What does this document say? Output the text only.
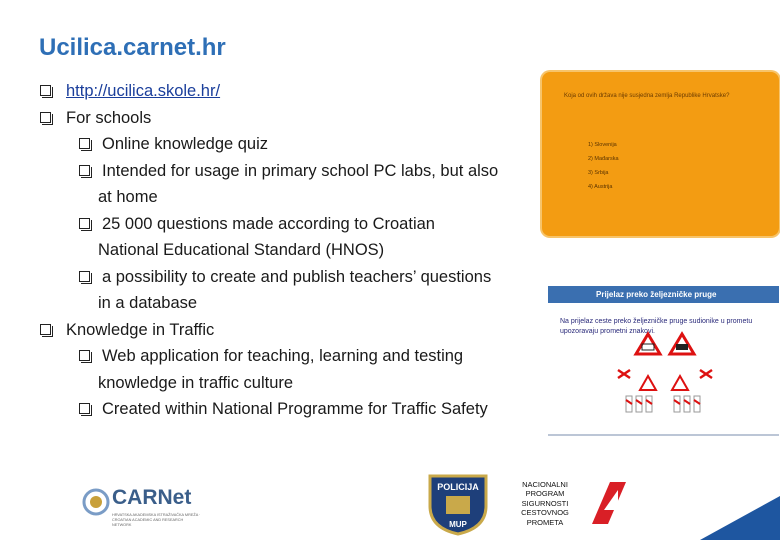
Ucilica.carnet.hr
http://ucilica.skole.hr/
For schools
Online knowledge quiz
Intended for usage in primary school PC labs, but also
at home
25 000 questions made according to Croatian
National Educational Standard (HNOS)
a possibility to create and publish teachers’ questions
in a database
Knowledge in Traffic
Web application for teaching, learning and testing
knowledge in traffic culture
Created within National Programme for Traffic Safety
Koja od ovih država nije susjedna zemlja Republike Hrvatske?
1) Slovenija
2) Mađarska
3) Srbija
4) Austrija
Prijelaz preko željezničke pruge
Na prijelaz ceste preko željezničke pruge sudionike u prometu upozoravaju prometni znakovi.
CARNet
HRVATSKA AKADEMSKA ISTRAŽIVAČKA MREŽA · CROATIAN ACADEMIC AND RESEARCH NETWORK
POLICIJA
MUP
NACIONALNI PROGRAM SIGURNOSTI CESTOVNOG PROMETA
16
